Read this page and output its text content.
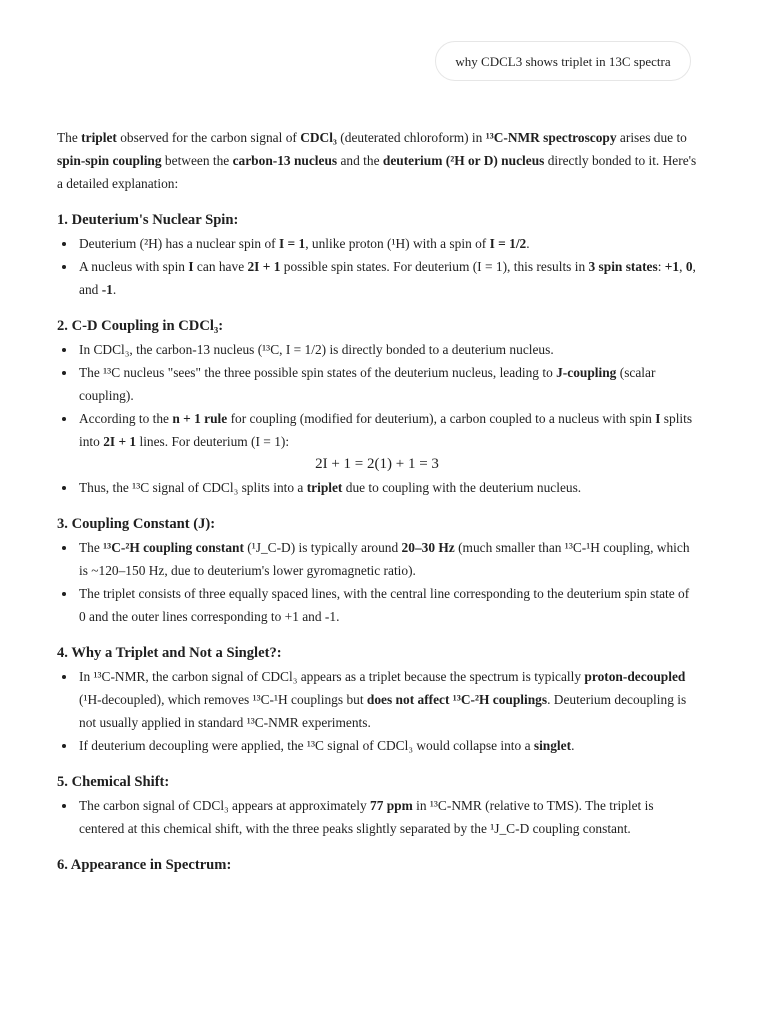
why CDCL3 shows triplet in 13C spectra

The triplet observed for the carbon signal of CDCl₃ (deuterated chloroform) in ¹³C-NMR spectroscopy arises due to spin-spin coupling between the carbon-13 nucleus and the deuterium (²H or D) nucleus directly bonded to it. Here's a detailed explanation:

1. Deuterium's Nuclear Spin:
Deuterium (²H) has a nuclear spin of I = 1, unlike proton (¹H) with a spin of I = 1/2.
A nucleus with spin I can have 2I + 1 possible spin states. For deuterium (I = 1), this results in 3 spin states: +1, 0, and -1.
2. C-D Coupling in CDCl₃:
In CDCl₃, the carbon-13 nucleus (¹³C, I = 1/2) is directly bonded to a deuterium nucleus.
The ¹³C nucleus "sees" the three possible spin states of the deuterium nucleus, leading to J-coupling (scalar coupling).
According to the n + 1 rule for coupling (modified for deuterium), a carbon coupled to a nucleus with spin I splits into 2I + 1 lines. For deuterium (I = 1):

2I + 1 = 2(1) + 1 = 3

Thus, the ¹³C signal of CDCl₃ splits into a triplet due to coupling with the deuterium nucleus.
3. Coupling Constant (J):
The ¹³C-²H coupling constant (¹J_C-D) is typically around 20–30 Hz (much smaller than ¹³C-¹H coupling, which is ~120–150 Hz, due to deuterium's lower gyromagnetic ratio).
The triplet consists of three equally spaced lines, with the central line corresponding to the deuterium spin state of 0 and the outer lines corresponding to +1 and -1.
4. Why a Triplet and Not a Singlet?:
In ¹³C-NMR, the carbon signal of CDCl₃ appears as a triplet because the spectrum is typically proton-decoupled (¹H-decoupled), which removes ¹³C-¹H couplings but does not affect ¹³C-²H couplings. Deuterium decoupling is not usually applied in standard ¹³C-NMR experiments.
If deuterium decoupling were applied, the ¹³C signal of CDCl₃ would collapse into a singlet.
5. Chemical Shift:
The carbon signal of CDCl₃ appears at approximately 77 ppm in ¹³C-NMR (relative to TMS). The triplet is centered at this chemical shift, with the three peaks slightly separated by the ¹J_C-D coupling constant.
6. Appearance in Spectrum:
